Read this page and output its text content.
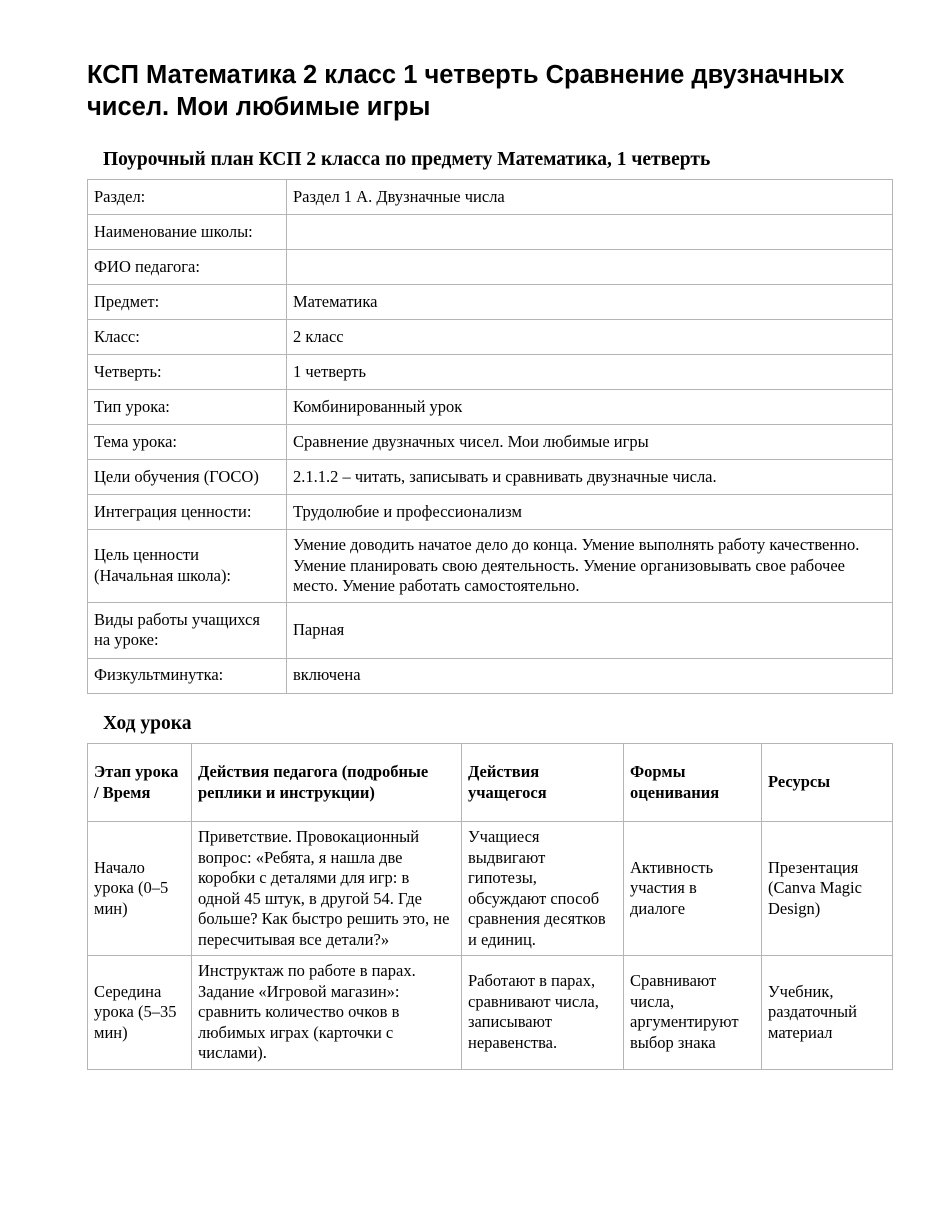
КСП Математика 2 класс 1 четверть Сравнение двузначных чисел. Мои любимые игры

Поурочный план КСП 2 класса по предмету Математика, 1 четверть

Раздел:	Раздел 1 А. Двузначные числа
Наименование школы:	
ФИО педагога:	
Предмет:	Математика
Класс:	2 класс
Четверть:	1 четверть
Тип урока:	Комбинированный урок
Тема урока:	Сравнение двузначных чисел. Мои любимые игры
Цели обучения (ГОСО)	2.1.1.2 – читать, записывать и сравнивать двузначные числа.
Интеграция ценности:	Трудолюбие и профессионализм
Цель ценности (Начальная школа):	Умение доводить начатое дело до конца. Умение выполнять работу качественно. Умение планировать свою деятельность. Умение организовывать свое рабочее место. Умение работать самостоятельно.
Виды работы учащихся на уроке:	Парная
Физкультминутка:	включена

Ход урока

Этап урока / Время	Действия педагога (подробные реплики и инструкции)	Действия учащегося	Формы оценивания	Ресурсы
Начало урока (0–5 мин)	Приветствие. Провокационный вопрос: «Ребята, я нашла две коробки с деталями для игр: в одной 45 штук, в другой 54. Где больше? Как быстро решить это, не пересчитывая все детали?»	Учащиеся выдвигают гипотезы, обсуждают способ сравнения десятков и единиц.	Активность участия в диалоге	Презентация (Canva Magic Design)
Середина урока (5–35 мин)	Инструктаж по работе в парах. Задание «Игровой магазин»: сравнить количество очков в любимых играх (карточки с числами).	Работают в парах, сравнивают числа, записывают неравенства.	Сравнивают числа, аргументируют выбор знака	Учебник, раздаточный материал
